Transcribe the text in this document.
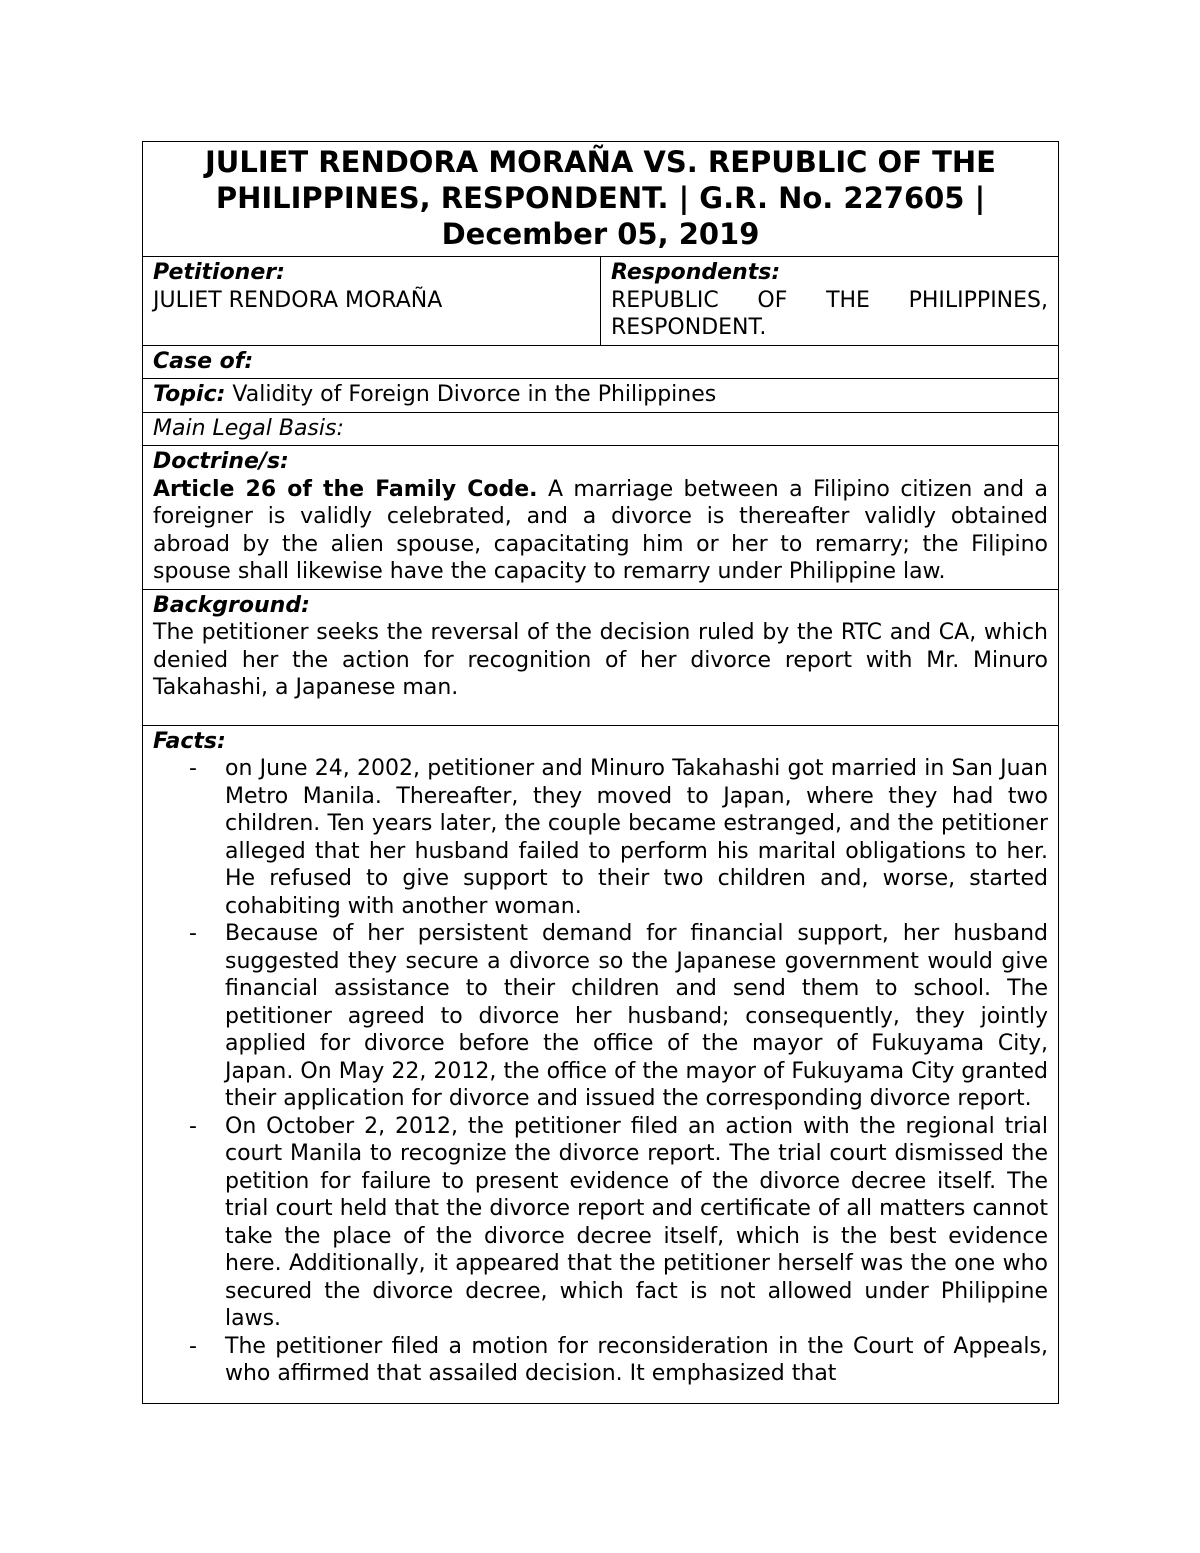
JULIET RENDORA MORAÑA VS. REPUBLIC OF THE PHILIPPINES, RESPONDENT. | G.R. No. 227605 | December 05, 2019

Petitioner:
JULIET RENDORA MORAÑA

Respondents:
REPUBLIC OF THE PHILIPPINES,
RESPONDENT.

Case of:
Topic: Validity of Foreign Divorce in the Philippines
Main Legal Basis:

Doctrine/s:
Article 26 of the Family Code. A marriage between a Filipino citizen and a foreigner is validly celebrated, and a divorce is thereafter validly obtained abroad by the alien spouse, capacitating him or her to remarry; the Filipino spouse shall likewise have the capacity to remarry under Philippine law.

Background:
The petitioner seeks the reversal of the decision ruled by the RTC and CA, which denied her the action for recognition of her divorce report with Mr. Minuro Takahashi, a Japanese man.

Facts:
- on June 24, 2002, petitioner and Minuro Takahashi got married in San Juan Metro Manila. Thereafter, they moved to Japan, where they had two children. Ten years later, the couple became estranged, and the petitioner alleged that her husband failed to perform his marital obligations to her. He refused to give support to their two children and, worse, started cohabiting with another woman.
- Because of her persistent demand for financial support, her husband suggested they secure a divorce so the Japanese government would give financial assistance to their children and send them to school. The petitioner agreed to divorce her husband; consequently, they jointly applied for divorce before the office of the mayor of Fukuyama City, Japan. On May 22, 2012, the office of the mayor of Fukuyama City granted their application for divorce and issued the corresponding divorce report.
- On October 2, 2012, the petitioner filed an action with the regional trial court Manila to recognize the divorce report. The trial court dismissed the petition for failure to present evidence of the divorce decree itself. The trial court held that the divorce report and certificate of all matters cannot take the place of the divorce decree itself, which is the best evidence here. Additionally, it appeared that the petitioner herself was the one who secured the divorce decree, which fact is not allowed under Philippine laws.
- The petitioner filed a motion for reconsideration in the Court of Appeals, who affirmed that assailed decision. It emphasized that
